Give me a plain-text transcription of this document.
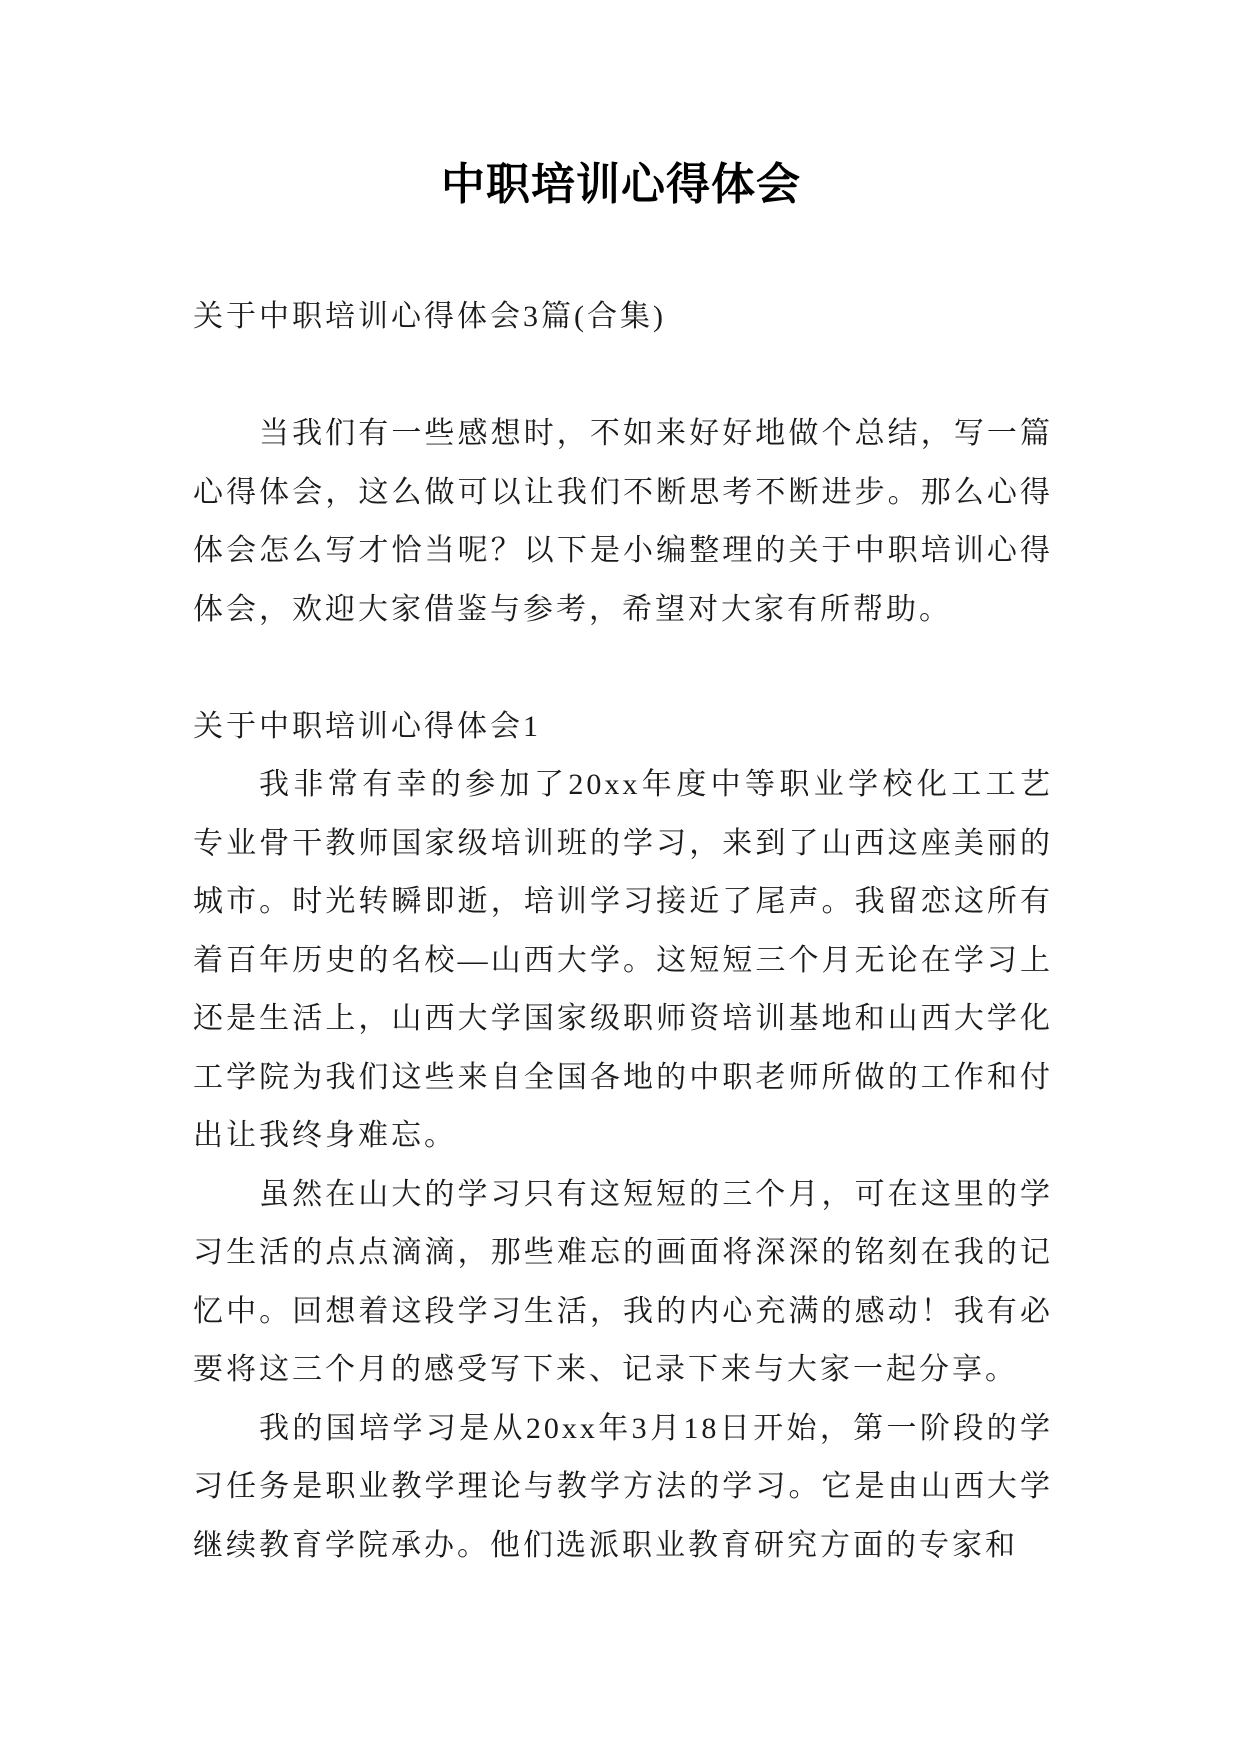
中职培训心得体会

关于中职培训心得体会3篇(合集)

当我们有一些感想时，不如来好好地做个总结，写一篇心得体会，这么做可以让我们不断思考不断进步。那么心得体会怎么写才恰当呢？以下是小编整理的关于中职培训心得体会，欢迎大家借鉴与参考，希望对大家有所帮助。

关于中职培训心得体会1

我非常有幸的参加了20xx年度中等职业学校化工工艺专业骨干教师国家级培训班的学习，来到了山西这座美丽的城市。时光转瞬即逝，培训学习接近了尾声。我留恋这所有着百年历史的名校—山西大学。这短短三个月无论在学习上还是生活上，山西大学国家级职师资培训基地和山西大学化工学院为我们这些来自全国各地的中职老师所做的工作和付出让我终身难忘。

虽然在山大的学习只有这短短的三个月，可在这里的学习生活的点点滴滴，那些难忘的画面将深深的铭刻在我的记忆中。回想着这段学习生活，我的内心充满的感动！我有必要将这三个月的感受写下来、记录下来与大家一起分享。

我的国培学习是从20xx年3月18日开始，第一阶段的学习任务是职业教学理论与教学方法的学习。它是由山西大学继续教育学院承办。他们选派职业教育研究方面的专家和
